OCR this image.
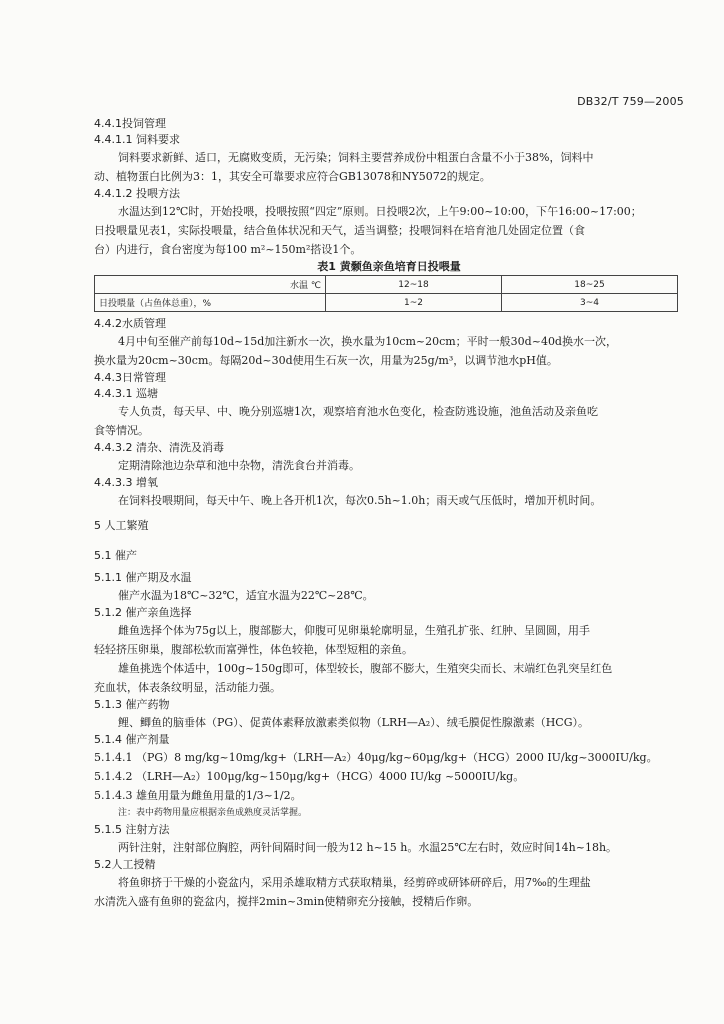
DB32/T 759—2005

4.4.1投饲管理

4.4.1.1 饲料要求

饲料要求新鲜、适口，无腐败变质，无污染；饲料主要营养成份中粗蛋白含量不小于38%，饲料中

动、植物蛋白比例为3：1，其安全可靠要求应符合GB13078和NY5072的规定。

4.4.1.2 投喂方法

水温达到12℃时，开始投喂，投喂按照“四定”原则。日投喂2次，上午9:00~10:00，下午16:00~17:00；

日投喂量见表1，实际投喂量，结合鱼体状况和天气，适当调整；投喂饲料在培育池几处固定位置（食

台）内进行，食台密度为每100 m²~150m²搭设1个。

表1 黄颡鱼亲鱼培育日投喂量

水温 ℃	12~18	18~25
日投喂量（占鱼体总重），%	1~2	3~4

4.4.2水质管理

4月中旬至催产前每10d~15d加注新水一次，换水量为10cm~20cm；平时一般30d~40d换水一次，

换水量为20cm~30cm。每隔20d~30d使用生石灰一次，用量为25g/m³，以调节池水pH值。

4.4.3日常管理

4.4.3.1 巡塘

专人负责，每天早、中、晚分别巡塘1次，观察培育池水色变化，检查防逃设施，池鱼活动及亲鱼吃

食等情况。

4.4.3.2 清杂、清洗及消毒

定期清除池边杂草和池中杂物，清洗食台并消毒。

4.4.3.3 增氧

在饲料投喂期间，每天中午、晚上各开机1次，每次0.5h~1.0h；雨天或气压低时，增加开机时间。

5 人工繁殖

5.1 催产

5.1.1 催产期及水温

催产水温为18℃~32℃，适宜水温为22℃~28℃。

5.1.2 催产亲鱼选择

雌鱼选择个体为75g以上，腹部膨大，仰腹可见卵巢轮廓明显，生殖孔扩张、红肿、呈圆圆，用手

轻轻挤压卵巢，腹部松软而富弹性，体色较艳，体型短粗的亲鱼。

雄鱼挑选个体适中，100g~150g即可，体型较长，腹部不膨大，生殖突尖而长、末端红色乳突呈红色

充血状，体表条纹明显，活动能力强。

5.1.3 催产药物

鲤、鲫鱼的脑垂体（PG）、促黄体素释放激素类似物（LRH—A₂）、绒毛膜促性腺激素（HCG）。

5.1.4 催产剂量

5.1.4.1 （PG）8 mg/kg~10mg/kg+（LRH—A₂）40μg/kg~60μg/kg+（HCG）2000 IU/kg~3000IU/kg。

5.1.4.2 （LRH—A₂）100μg/kg~150μg/kg+（HCG）4000 IU/kg ~5000IU/kg。

5.1.4.3 雄鱼用量为雌鱼用量的1/3~1/2。

注：表中药物用量应根据亲鱼成熟度灵活掌握。

5.1.5 注射方法

两针注射，注射部位胸腔，两针间隔时间一般为12 h~15 h。水温25℃左右时，效应时间14h~18h。

5.2人工授精

将鱼卵挤于干燥的小瓷盆内，采用杀雄取精方式获取精巢，经剪碎或研钵研碎后，用7‰的生理盐

水清洗入盛有鱼卵的瓷盆内，搅拌2min~3min使精卵充分接触，授精后作卵。
